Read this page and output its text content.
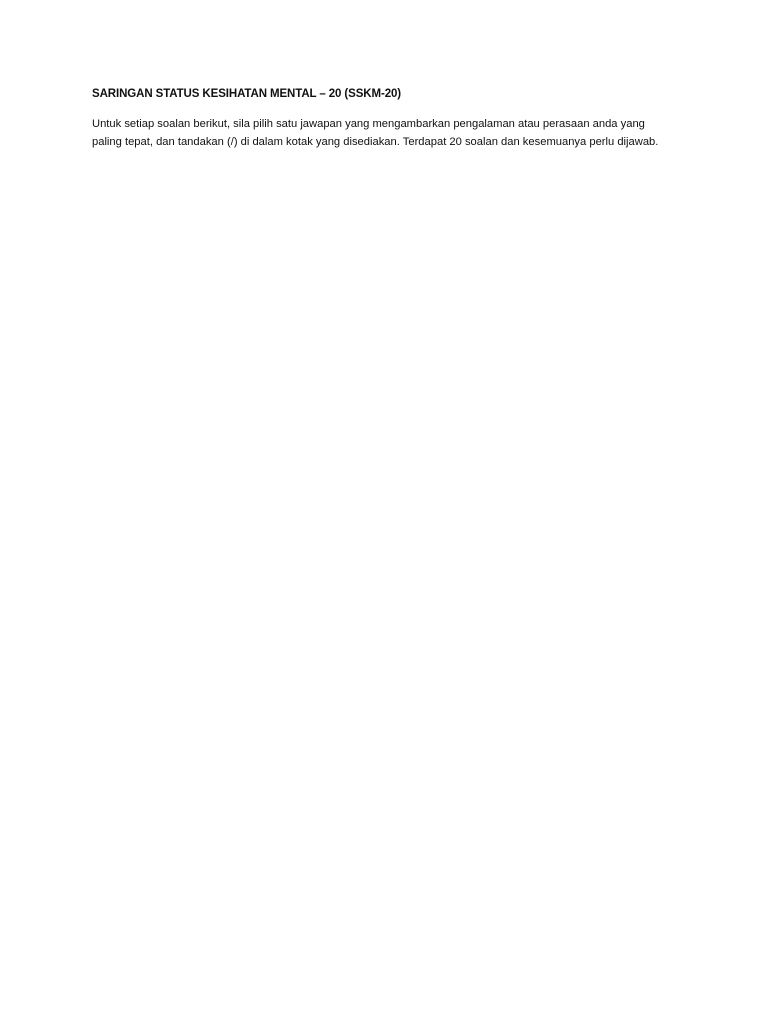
SARINGAN STATUS KESIHATAN MENTAL – 20 (SSKM-20)

Untuk setiap soalan berikut, sila pilih satu jawapan yang mengambarkan pengalaman atau perasaan anda yang paling tepat, dan tandakan (/) di dalam kotak yang disediakan. Terdapat 20 soalan dan kesemuanya perlu dijawab.
